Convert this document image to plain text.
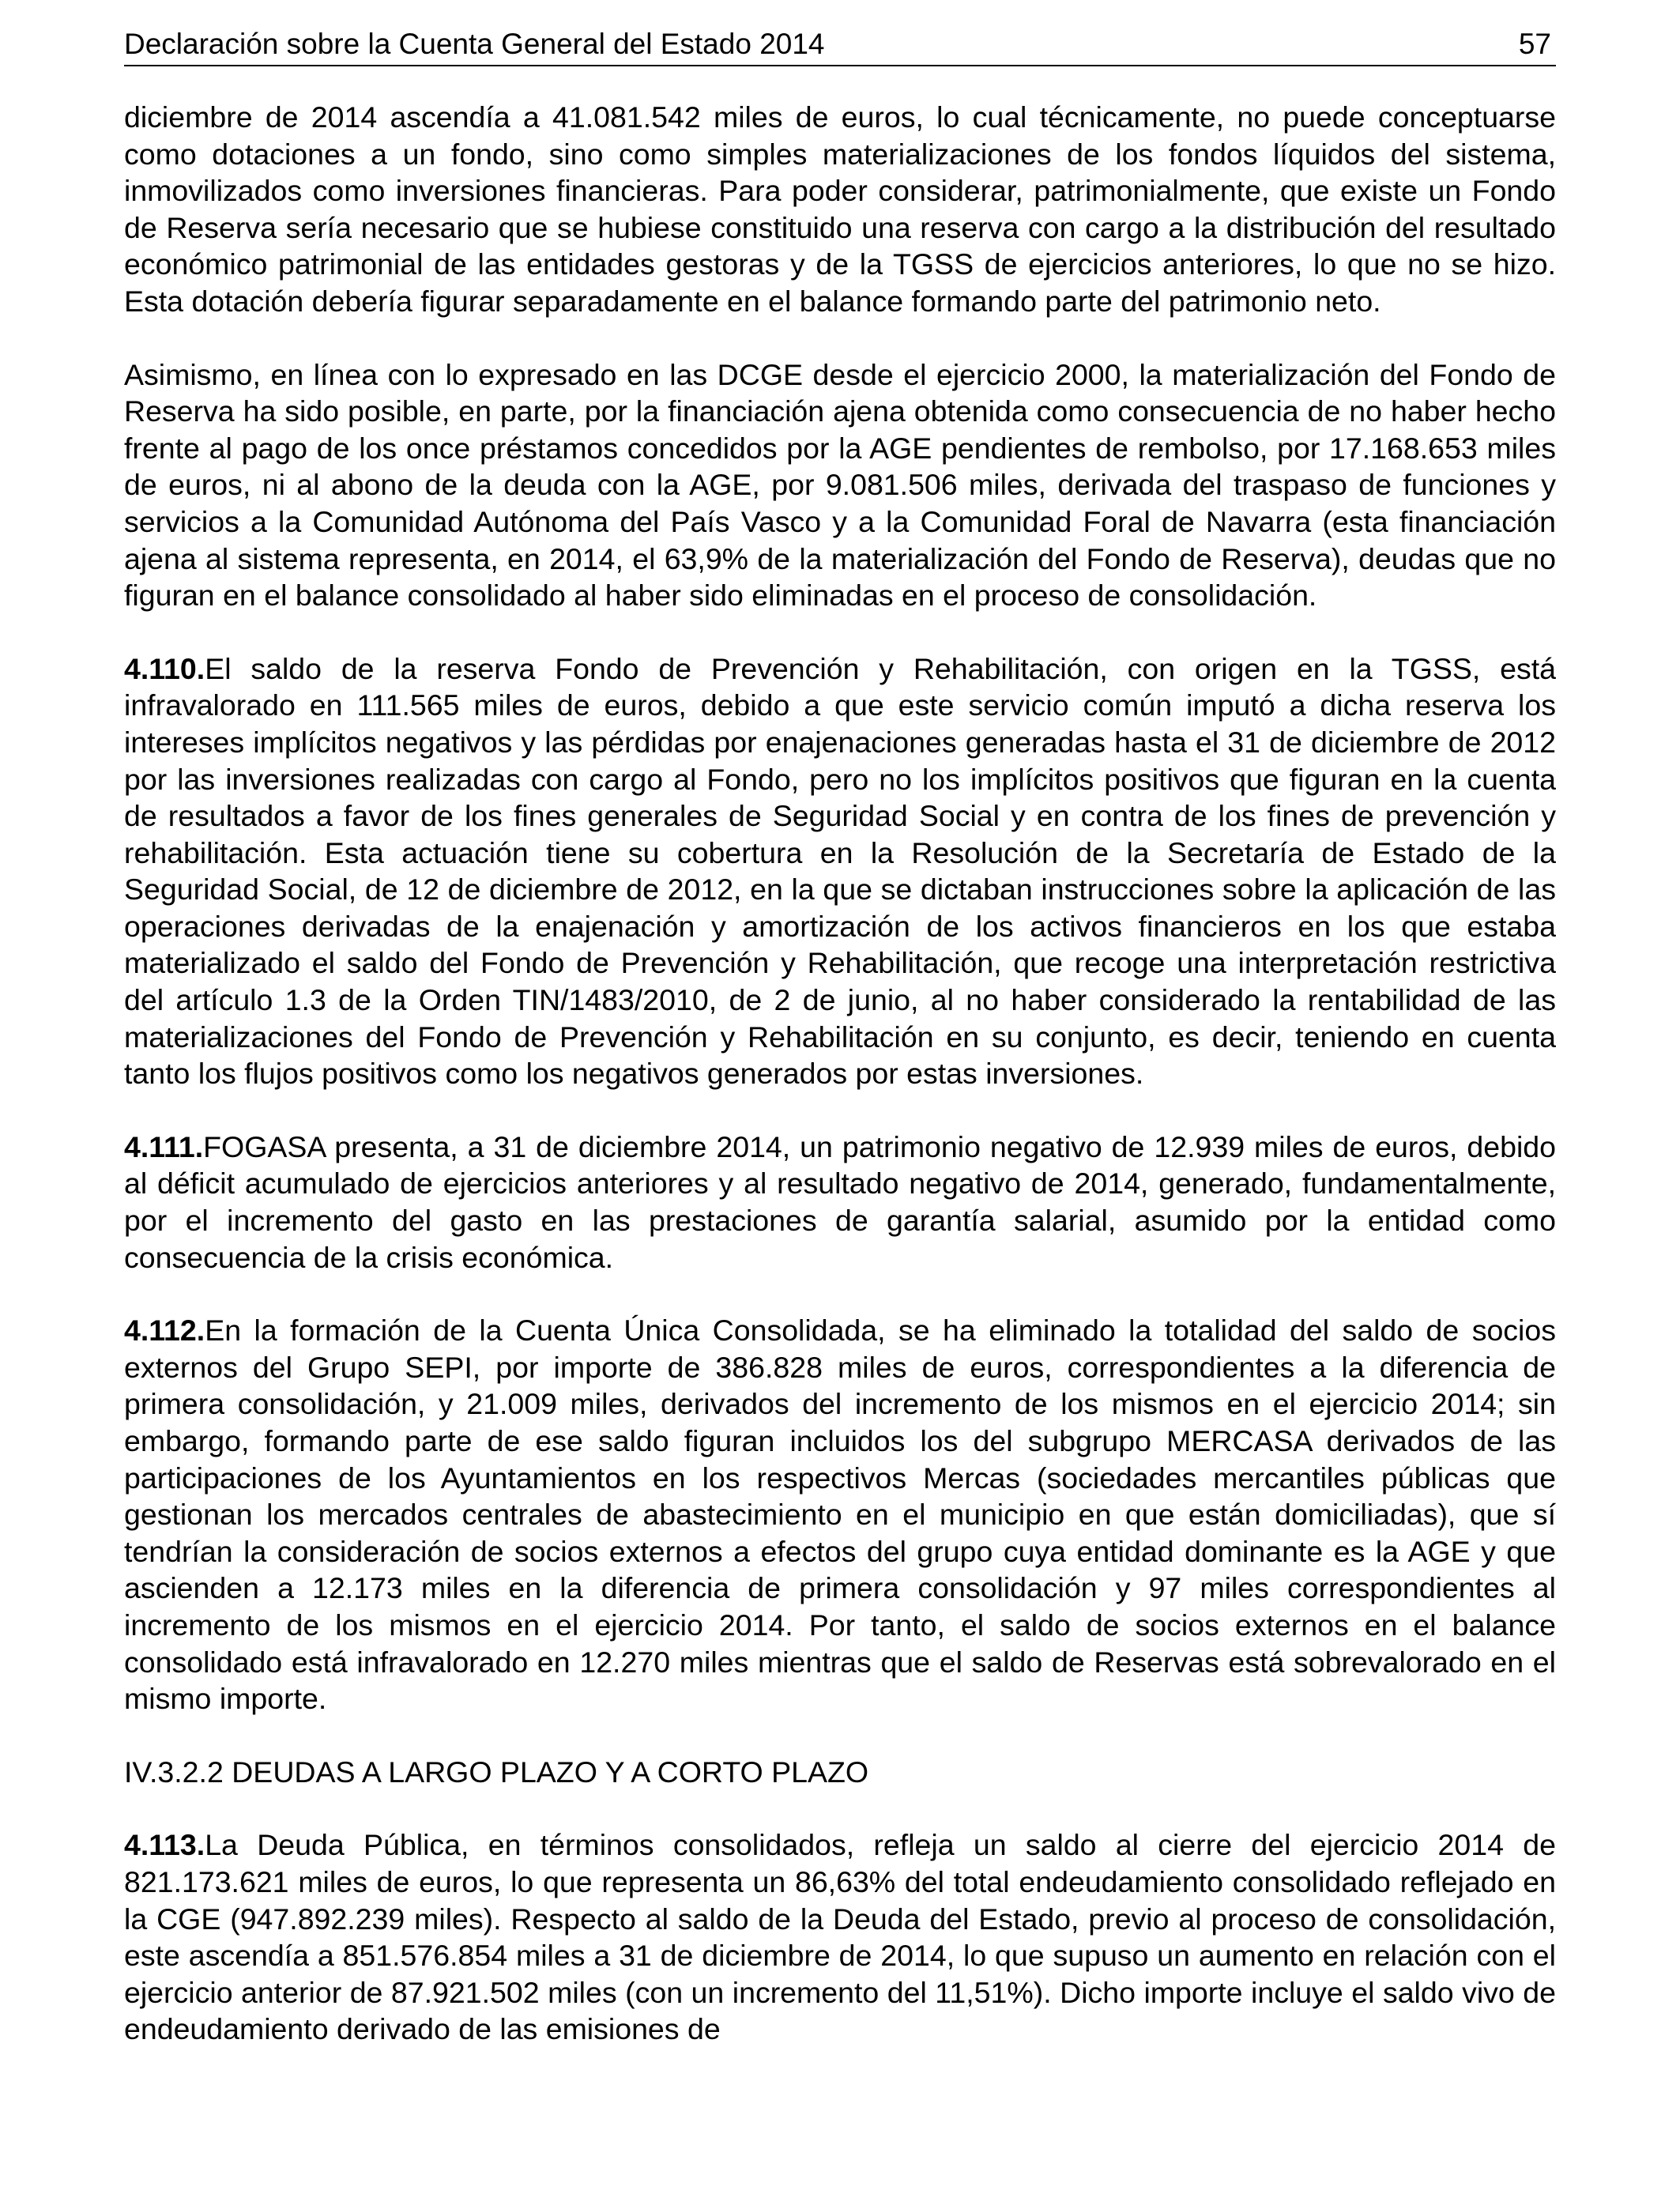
Declaración sobre la Cuenta General del Estado 2014	57

diciembre de 2014 ascendía a 41.081.542 miles de euros, lo cual técnicamente, no puede conceptuarse como dotaciones a un fondo, sino como simples materializaciones de los fondos líquidos del sistema, inmovilizados como inversiones financieras. Para poder considerar, patrimonialmente, que existe un Fondo de Reserva sería necesario que se hubiese constituido una reserva con cargo a la distribución del resultado económico patrimonial de las entidades gestoras y de la TGSS de ejercicios anteriores, lo que no se hizo. Esta dotación debería figurar separadamente en el balance formando parte del patrimonio neto.

Asimismo, en línea con lo expresado en las DCGE desde el ejercicio 2000, la materialización del Fondo de Reserva ha sido posible, en parte, por la financiación ajena obtenida como consecuencia de no haber hecho frente al pago de los once préstamos concedidos por la AGE pendientes de rembolso, por 17.168.653 miles de euros, ni al abono de la deuda con la AGE, por 9.081.506 miles, derivada del traspaso de funciones y servicios a la Comunidad Autónoma del País Vasco y a la Comunidad Foral de Navarra (esta financiación ajena al sistema representa, en 2014, el 63,9% de la materialización del Fondo de Reserva), deudas que no figuran en el balance consolidado al haber sido eliminadas en el proceso de consolidación.

4.110.El saldo de la reserva Fondo de Prevención y Rehabilitación, con origen en la TGSS, está infravalorado en 111.565 miles de euros, debido a que este servicio común imputó a dicha reserva los intereses implícitos negativos y las pérdidas por enajenaciones generadas hasta el 31 de diciembre de 2012 por las inversiones realizadas con cargo al Fondo, pero no los implícitos positivos que figuran en la cuenta de resultados a favor de los fines generales de Seguridad Social y en contra de los fines de prevención y rehabilitación. Esta actuación tiene su cobertura en la Resolución de la Secretaría de Estado de la Seguridad Social, de 12 de diciembre de 2012, en la que se dictaban instrucciones sobre la aplicación de las operaciones derivadas de la enajenación y amortización de los activos financieros en los que estaba materializado el saldo del Fondo de Prevención y Rehabilitación, que recoge una interpretación restrictiva del artículo 1.3 de la Orden TIN/1483/2010, de 2 de junio, al no haber considerado la rentabilidad de las materializaciones del Fondo de Prevención y Rehabilitación en su conjunto, es decir, teniendo en cuenta tanto los flujos positivos como los negativos generados por estas inversiones.

4.111.FOGASA presenta, a 31 de diciembre 2014, un patrimonio negativo de 12.939 miles de euros, debido al déficit acumulado de ejercicios anteriores y al resultado negativo de 2014, generado, fundamentalmente, por el incremento del gasto en las prestaciones de garantía salarial, asumido por la entidad como consecuencia de la crisis económica.

4.112.En la formación de la Cuenta Única Consolidada, se ha eliminado la totalidad del saldo de socios externos del Grupo SEPI, por importe de 386.828 miles de euros, correspondientes a la diferencia de primera consolidación, y 21.009 miles, derivados del incremento de los mismos en el ejercicio 2014; sin embargo, formando parte de ese saldo figuran incluidos los del subgrupo MERCASA derivados de las participaciones de los Ayuntamientos en los respectivos Mercas (sociedades mercantiles públicas que gestionan los mercados centrales de abastecimiento en el municipio en que están domiciliadas), que sí tendrían la consideración de socios externos a efectos del grupo cuya entidad dominante es la AGE y que ascienden a 12.173 miles en la diferencia de primera consolidación y 97 miles correspondientes al incremento de los mismos en el ejercicio 2014. Por tanto, el saldo de socios externos en el balance consolidado está infravalorado en 12.270 miles mientras que el saldo de Reservas está sobrevalorado en el mismo importe.

IV.3.2.2 DEUDAS A LARGO PLAZO Y A CORTO PLAZO

4.113.La Deuda Pública, en términos consolidados, refleja un saldo al cierre del ejercicio 2014 de 821.173.621 miles de euros, lo que representa un 86,63% del total endeudamiento consolidado reflejado en la CGE (947.892.239 miles). Respecto al saldo de la Deuda del Estado, previo al proceso de consolidación, este ascendía a 851.576.854 miles a 31 de diciembre de 2014, lo que supuso un aumento en relación con el ejercicio anterior de 87.921.502 miles (con un incremento del 11,51%). Dicho importe incluye el saldo vivo de endeudamiento derivado de las emisiones de
